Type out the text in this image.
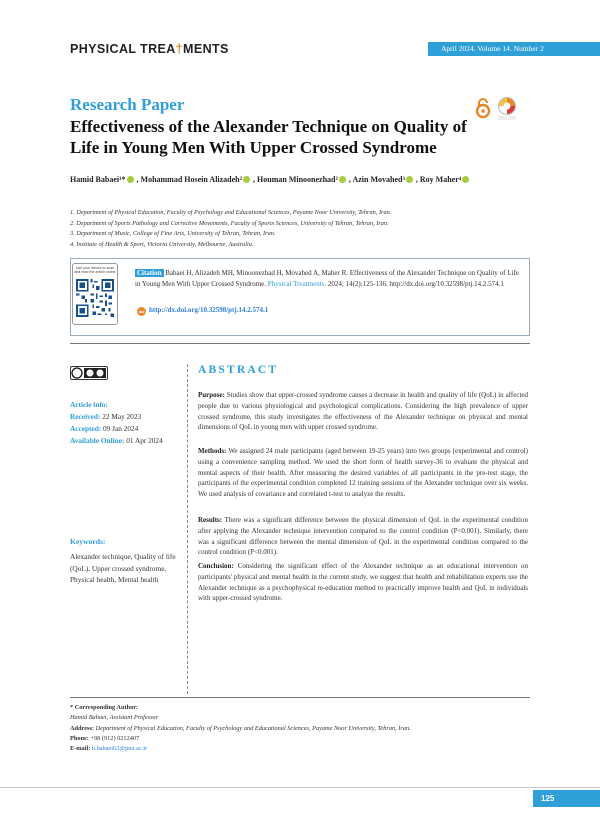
PHYSICAL TREA†MENTS	April 2024. Volume 14. Number 2
Research Paper
Effectiveness of the Alexander Technique on Quality of Life in Young Men With Upper Crossed Syndrome
Hamid Babaei¹* , Mohammad Hosein Alizadeh² , Houman Minoonezhad² , Azin Movahed³ , Roy Maher⁴
1. Department of Physical Education, Faculty of Psychology and Educational Sciences, Payame Noor University, Tehran, Iran.
2. Department of Sports Pathology and Corrective Movements, Faculty of Sports Sciences, University of Tehran, Tehran, Iran.
3. Department of Music, College of Fine Arts, University of Tehran, Tehran, Iran.
4. Institute of Health & Sport, Victoria University, Melbourne, Australia.
Use your device to scan and read the article online	Citation Babaei H, Alizadeh MH, Minoonezhad H, Movahed A, Maher R. Effectiveness of the Alexander Technique on Quality of Life in Young Men With Upper Crossed Syndrome. Physical Treatments. 2024; 14(2):125-136. http://dx.doi.org/10.32598/ptj.14.2.574.1
doi http://dx.doi.org/10.32598/ptj.14.2.574.1
Article info:
Received: 22 May 2023
Accepted: 09 Jan 2024
Available Online: 01 Apr 2024
Keywords:
Alexander technique, Quality of life (QoL), Upper crossed syndrome, Physical health, Mental health
ABSTRACT
Purpose: Studies show that upper-crossed syndrome causes a decrease in health and quality of life (QoL) in affected people due to various physiological and psychological complications. Considering the high prevalence of upper crossed syndrome, this study investigates the effectiveness of the Alexander technique on physical and mental dimensions of QoL in young men with upper crossed syndrome.
Methods: We assigned 24 male participants (aged between 19-25 years) into two groups (experimental and control) using a convenience sampling method. We used the short form of health survey-36 to evaluate the physical and mental aspects of their health. After measuring the desired variables of all participants in the pre-test stage, the participants of the experimental condition completed 12 training sessions of the Alexander technique over six weeks. We used analysis of covariance and correlated t-test to analyze the results.
Results: There was a significant difference between the physical dimension of QoL in the experimental condition after applying the Alexander technique intervention compared to the control condition (P<0.001). Similarly, there was a significant difference between the mental dimension of QoL in the experimental condition compared to the control condition (P<0.001).
Conclusion: Considering the significant effect of the Alexander technique as an educational intervention on participants' physical and mental health in the current study, we suggest that health and rehabilitation experts use the Alexander technique as a psychophysical re-education method to practically improve health and QoL in individuals with upper-crossed syndrome.
* Corresponding Author:
Hamid Babaei, Assistant Professor
Address: Department of Physical Education, Faculty of Psychology and Educational Sciences, Payame Noor University, Tehran, Iran.
Phone: +98 (912) 0212407
E-mail: h.babaei62@pnu.ac.ir
125
